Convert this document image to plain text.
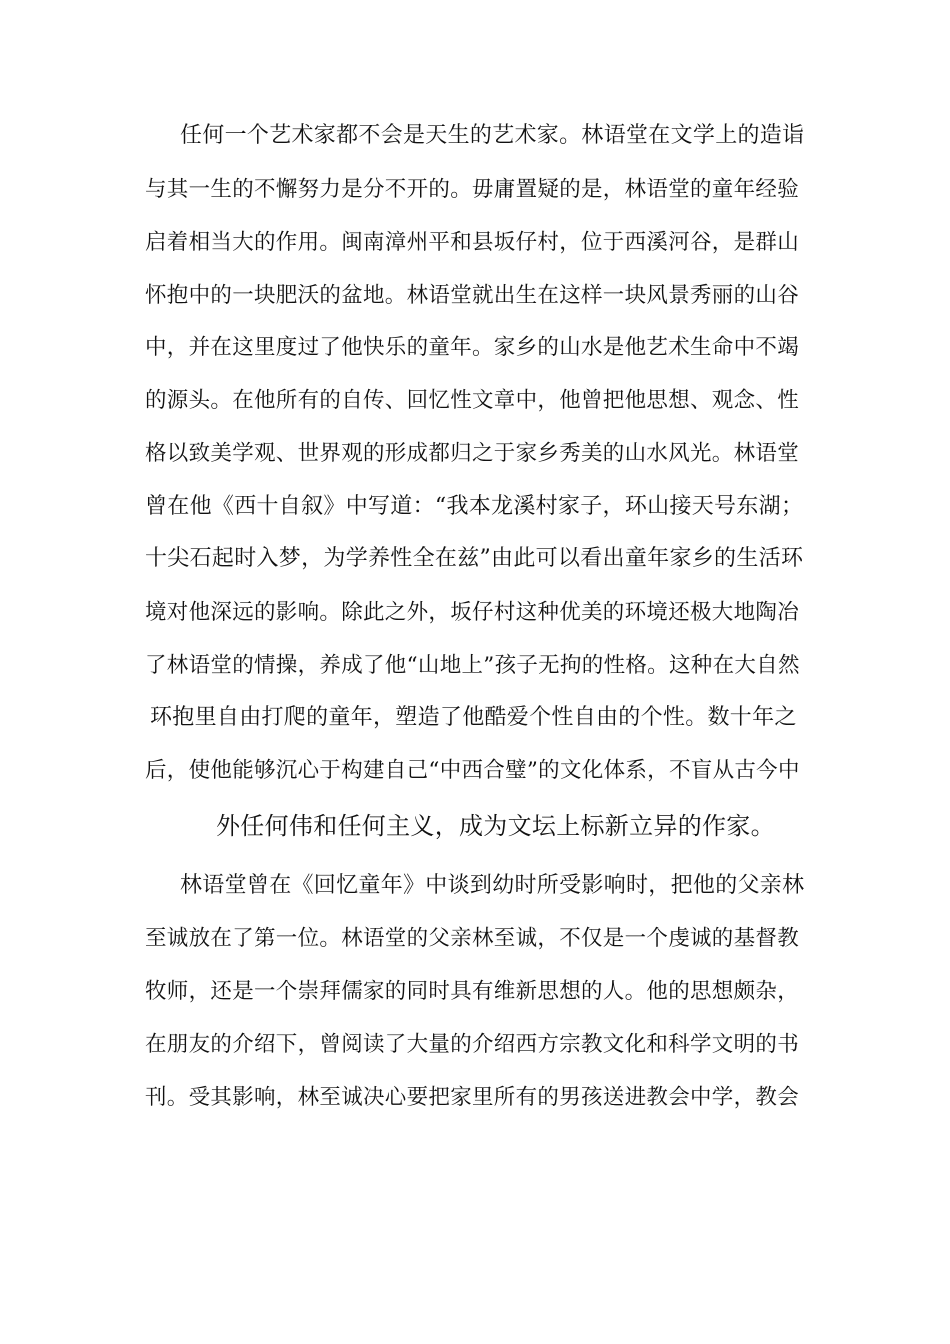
任何一个艺术家都不会是天生的艺术家。林语堂在文学上的造诣
与其一生的不懈努力是分不开的。毋庸置疑的是，林语堂的童年经验
启着相当大的作用。闽南漳州平和县坂仔村，位于西溪河谷，是群山
怀抱中的一块肥沃的盆地。林语堂就出生在这样一块风景秀丽的山谷
中，并在这里度过了他快乐的童年。家乡的山水是他艺术生命中不竭
的源头。在他所有的自传、回忆性文章中，他曾把他思想、观念、性
格以致美学观、世界观的形成都归之于家乡秀美的山水风光。林语堂
曾在他《西十自叙》中写道：“我本龙溪村家子，环山接天号东湖；
十尖石起时入梦，为学养性全在兹”由此可以看出童年家乡的生活环
境对他深远的影响。除此之外，坂仔村这种优美的环境还极大地陶冶
了林语堂的情操，养成了他“山地上”孩子无拘的性格。这种在大自然
环抱里自由打爬的童年，塑造了他酷爱个性自由的个性。数十年之
后，使他能够沉心于构建自己“中西合璧”的文化体系，不盲从古今中
外任何伟和任何主义，成为文坛上标新立异的作家。
林语堂曾在《回忆童年》中谈到幼时所受影响时，把他的父亲林
至诚放在了第一位。林语堂的父亲林至诚，不仅是一个虔诚的基督教
牧师，还是一个崇拜儒家的同时具有维新思想的人。他的思想颇杂，
在朋友的介绍下，曾阅读了大量的介绍西方宗教文化和科学文明的书
刊。受其影响，林至诚决心要把家里所有的男孩送进教会中学，教会
